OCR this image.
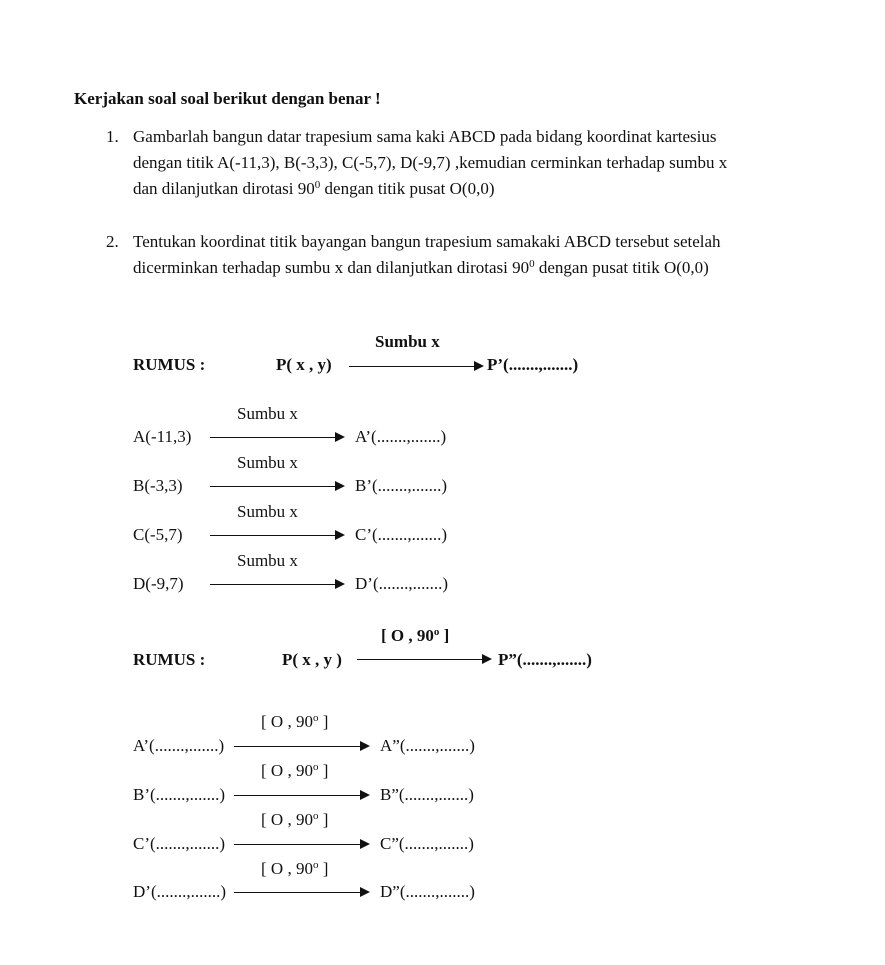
Kerjakan soal soal berikut dengan benar !
1. Gambarlah bangun datar trapesium sama kaki ABCD pada bidang koordinat kartesius
dengan titik A(-11,3), B(-3,3), C(-5,7), D(-9,7) ,kemudian cerminkan terhadap sumbu x
dan dilanjutkan dirotasi $90^0$ dengan titik pusat O(0,0)
2. Tentukan koordinat titik bayangan bangun trapesium samakaki ABCD tersebut setelah
dicerminkan terhadap sumbu x dan dilanjutkan dirotasi $90^0$ dengan pusat titik O(0,0)
RUMUS :	P( x , y)
Sumbu x
P’(.......,.......)
A(-11,3)
Sumbu x
A’(.......,.......)
B(-3,3)
Sumbu x
B’(.......,.......)
C(-5,7)
Sumbu x
C’(.......,.......)
D(-9,7)
Sumbu x
D’(.......,.......)
RUMUS :	P( x , y )
[ O , 90$^o$ ]
P”(.......,.......)
A’(.......,.......)
[ O , 90$^o$ ]
A”(.......,.......)
B’(.......,.......)
[ O , 90$^o$ ]
B”(.......,.......)
C’(.......,.......)
[ O , 90$^o$ ]
C”(.......,.......)
D’(.......,.......)
[ O , 90$^o$ ]
D”(.......,.......)
